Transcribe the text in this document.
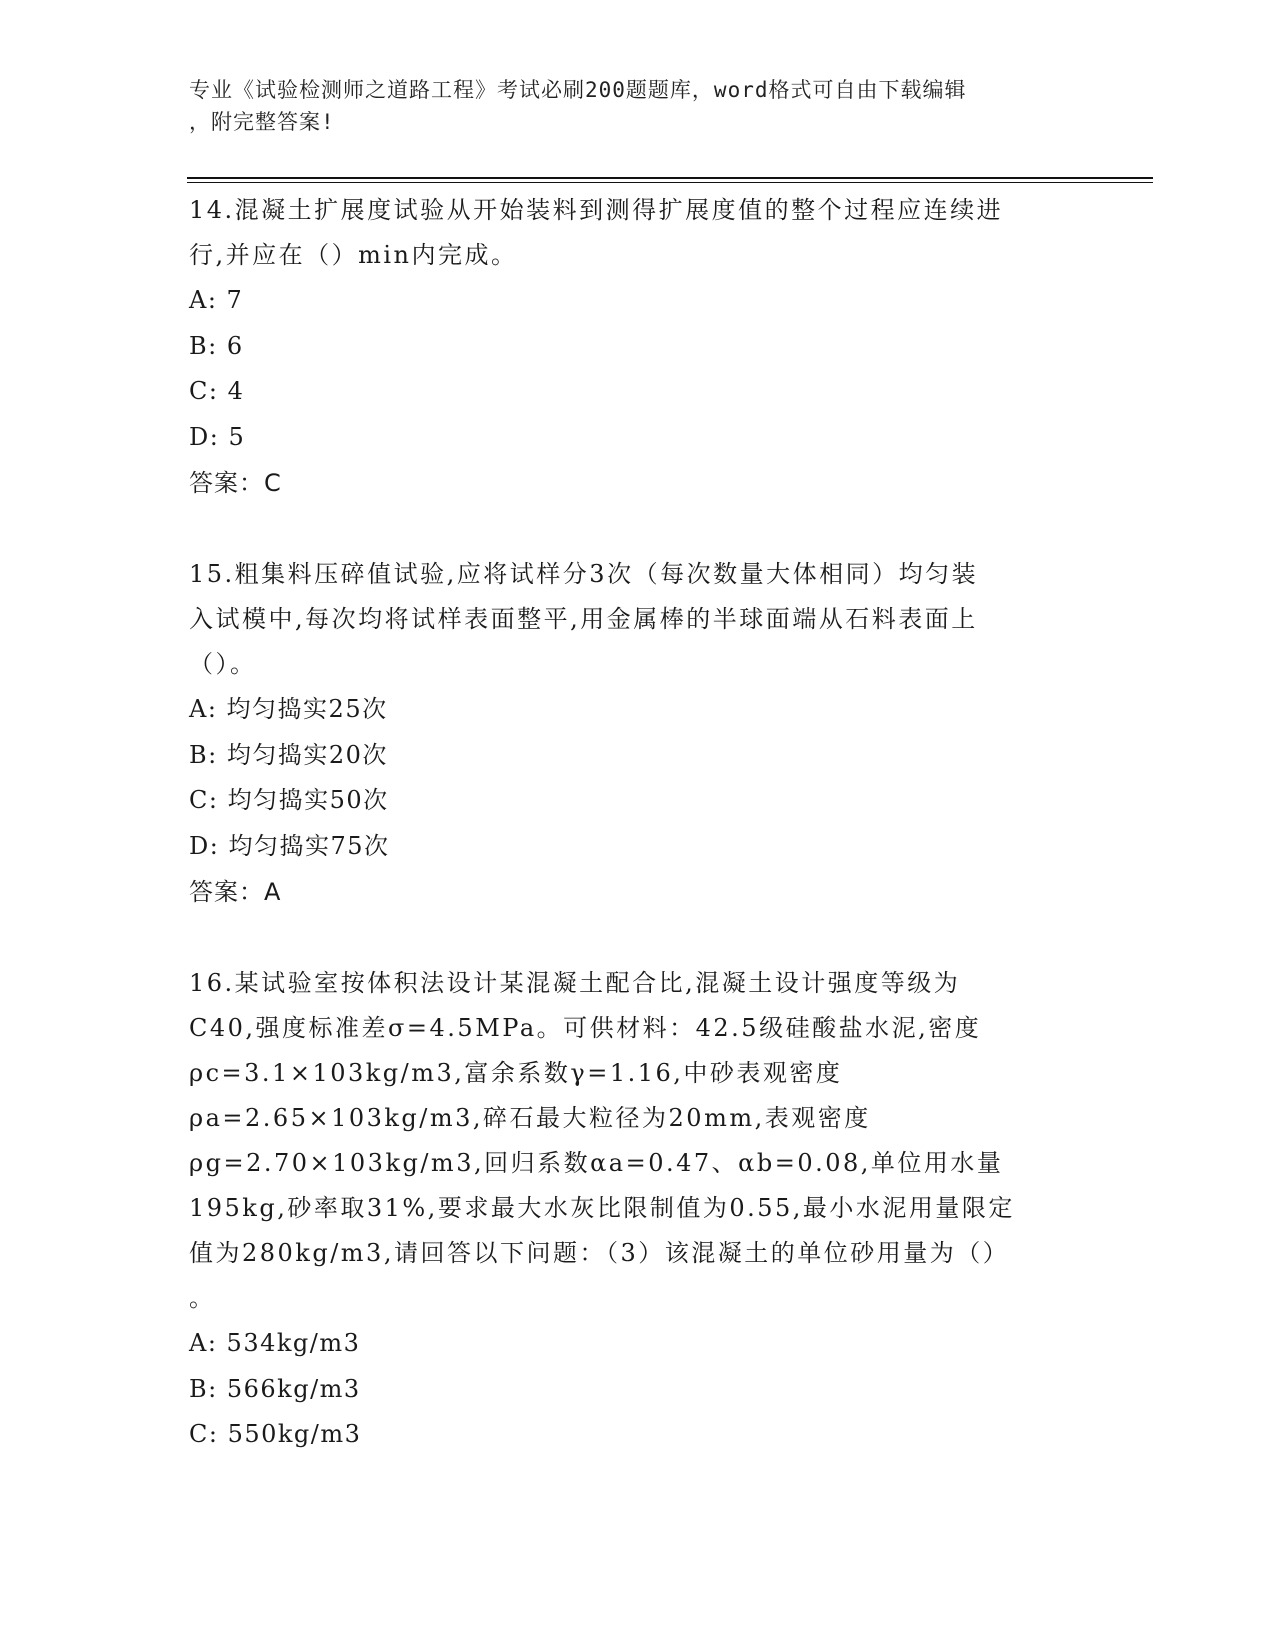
专业《试验检测师之道路工程》考试必刷200题题库，word格式可自由下载编辑
，附完整答案!
14.混凝土扩展度试验从开始装料到测得扩展度值的整个过程应连续进
行,并应在（）min内完成。
A: 7
B: 6
C: 4
D: 5
答案：C
15.粗集料压碎值试验,应将试样分3次（每次数量大体相同）均匀装
入试模中,每次均将试样表面整平,用金属棒的半球面端从石料表面上
（）。
A: 均匀捣实25次
B: 均匀捣实20次
C: 均匀捣实50次
D: 均匀捣实75次
答案：A
16.某试验室按体积法设计某混凝土配合比,混凝土设计强度等级为
C40,强度标准差σ=4.5MPa。可供材料：42.5级硅酸盐水泥,密度
ρc=3.1×103kg/m3,富余系数γ=1.16,中砂表观密度
ρa=2.65×103kg/m3,碎石最大粒径为20mm,表观密度
ρg=2.70×103kg/m3,回归系数αa=0.47、αb=0.08,单位用水量
195kg,砂率取31%,要求最大水灰比限制值为0.55,最小水泥用量限定
值为280kg/m3,请回答以下问题：（3）该混凝土的单位砂用量为（）
。
A: 534kg/m3
B: 566kg/m3
C: 550kg/m3
